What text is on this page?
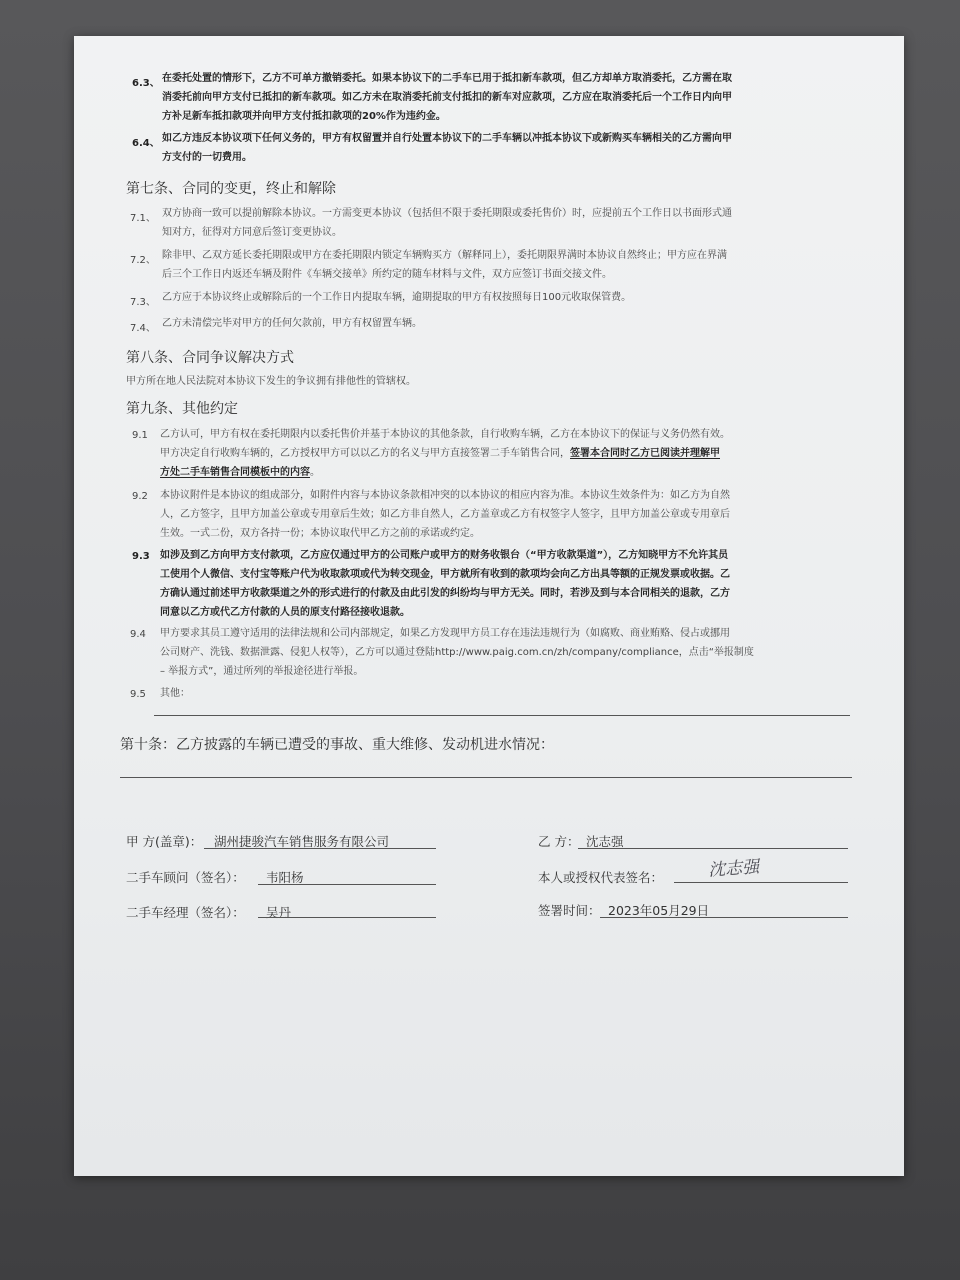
6.3、 在委托处置的情形下，乙方不可单方撤销委托。如果本协议下的二手车已用于抵扣新车款项，但乙方却单方取消委托，乙方需在取
消委托前向甲方支付已抵扣的新车款项。如乙方未在取消委托前支付抵扣的新车对应款项，乙方应在取消委托后一个工作日内向甲
方补足新车抵扣款项并向甲方支付抵扣款项的20%作为违约金。
6.4、 如乙方违反本协议项下任何义务的，甲方有权留置并自行处置本协议下的二手车辆以冲抵本协议下或新购买车辆相关的乙方需向甲
方支付的一切费用。
第七条、合同的变更，终止和解除
7.1、 双方协商一致可以提前解除本协议。一方需变更本协议（包括但不限于委托期限或委托售价）时，应提前五个工作日以书面形式通
知对方，征得对方同意后签订变更协议。
7.2、 除非甲、乙双方延长委托期限或甲方在委托期限内锁定车辆购买方（解释同上），委托期限界满时本协议自然终止；甲方应在界满
后三个工作日内返还车辆及附件《车辆交接单》所约定的随车材料与文件，双方应签订书面交接文件。
7.3、 乙方应于本协议终止或解除后的一个工作日内提取车辆，逾期提取的甲方有权按照每日100元收取保管费。
7.4、 乙方未清偿完毕对甲方的任何欠款前，甲方有权留置车辆。
第八条、合同争议解决方式
甲方所在地人民法院对本协议下发生的争议拥有排他性的管辖权。
第九条、其他约定
9.1 乙方认可，甲方有权在委托期限内以委托售价并基于本协议的其他条款，自行收购车辆，乙方在本协议下的保证与义务仍然有效。
甲方决定自行收购车辆的，乙方授权甲方可以以乙方的名义与甲方直接签署二手车销售合同，签署本合同时乙方已阅读并理解甲
方处二手车销售合同模板中的内容。
9.2 本协议附件是本协议的组成部分，如附件内容与本协议条款相冲突的以本协议的相应内容为准。本协议生效条件为：如乙方为自然
人，乙方签字，且甲方加盖公章或专用章后生效；如乙方非自然人，乙方盖章或乙方有权签字人签字，且甲方加盖公章或专用章后
生效。一式二份，双方各持一份；本协议取代甲乙方之前的承诺或约定。
9.3 如涉及到乙方向甲方支付款项，乙方应仅通过甲方的公司账户或甲方的财务收银台（“甲方收款渠道”），乙方知晓甲方不允许其员
工使用个人微信、支付宝等账户代为收取款项或代为转交现金，甲方就所有收到的款项均会向乙方出具等额的正规发票或收据。乙
方确认通过前述甲方收款渠道之外的形式进行的付款及由此引发的纠纷均与甲方无关。同时，若涉及到与本合同相关的退款，乙方
同意以乙方或代乙方付款的人员的原支付路径接收退款。
9.4 甲方要求其员工遵守适用的法律法规和公司内部规定，如果乙方发现甲方员工存在违法违规行为（如腐败、商业贿赂、侵占或挪用
公司财产、洗钱、数据泄露、侵犯人权等），乙方可以通过登陆http://www.paig.com.cn/zh/company/compliance，点击“举报制度
– 举报方式”，通过所列的举报途径进行举报。
9.5 其他：
第十条：乙方披露的车辆已遭受的事故、重大维修、发动机进水情况：
甲 方(盖章)： 湖州捷骏汽车销售服务有限公司	乙 方： 沈志强
二手车顾问（签名）： 韦阳杨	本人或授权代表签名：	沈志强
二手车经理（签名）： 吴丹	签署时间： 2023年05月29日
